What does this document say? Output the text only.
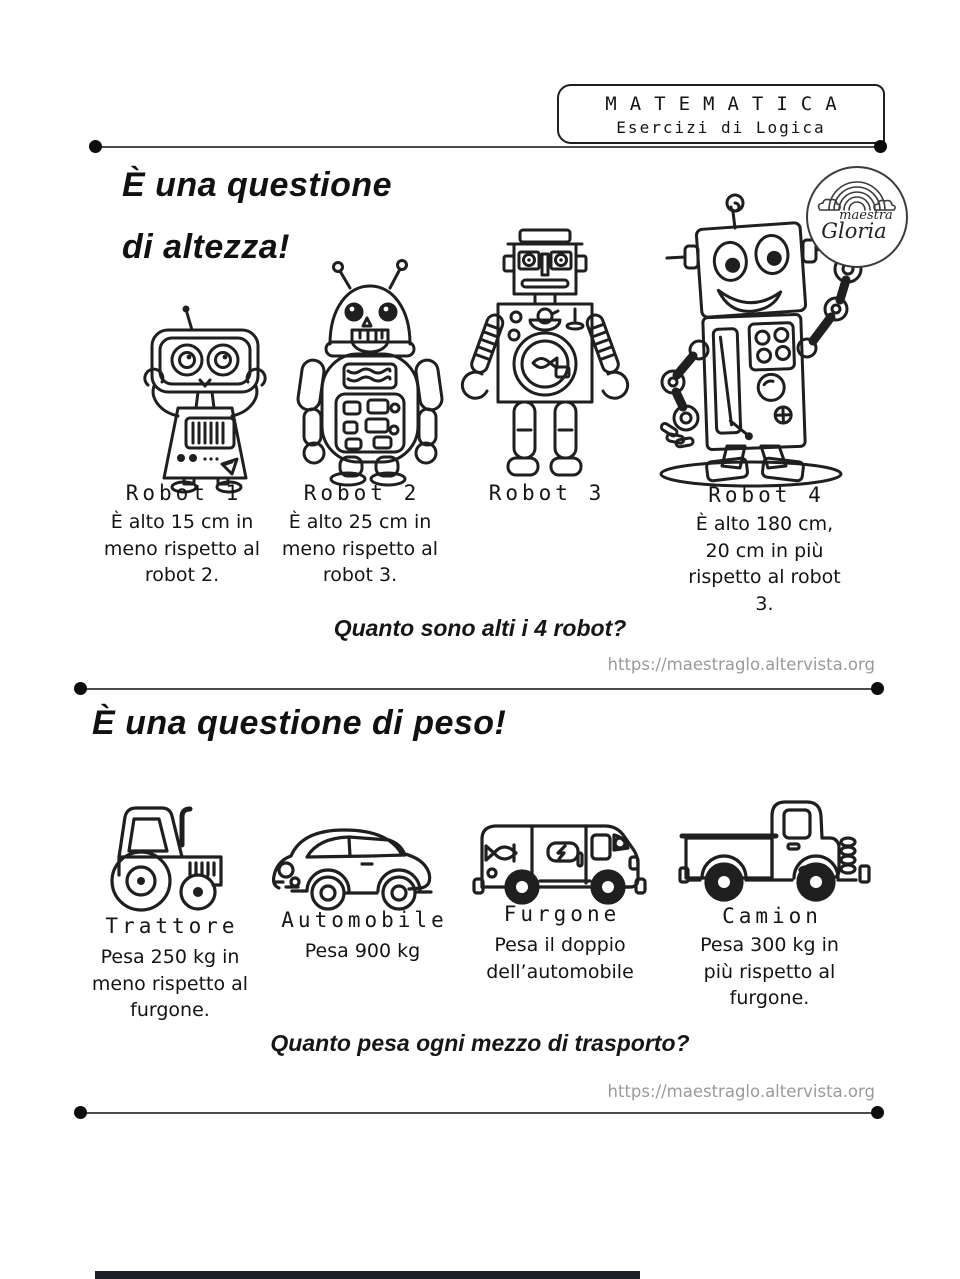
MATEMATICA
Esercizi di Logica
È una questione
di altezza!
maestra
Gloria
Robot 1
È alto 15 cm in meno rispetto al robot 2.
Robot 2
È alto 25 cm in meno rispetto al robot 3.
Robot 3	Robot 4
È alto 180 cm, 20 cm in più rispetto al robot 3.
Quanto sono alti i 4 robot?
https://maestraglo.altervista.org
È una questione di peso!
Trattore
Pesa 250 kg in meno rispetto al furgone.
Automobile
Pesa 900 kg
Furgone
Pesa il doppio dell’automobile
Camion
Pesa 300 kg in più rispetto al furgone.
Quanto pesa ogni mezzo di trasporto?
https://maestraglo.altervista.org
